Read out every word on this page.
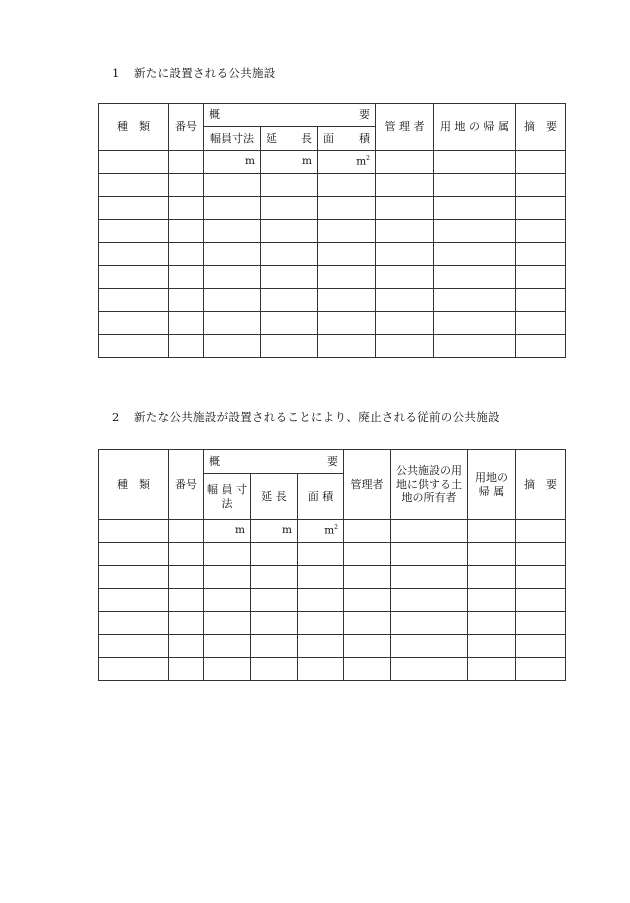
1 新たに設置される公共施設
種　類	番号	概 要			管 理 者	用 地 の 帰 属	摘　要
		幅員寸法	延 長	面 積			

		m	m	$m^2$			

2 新たな公共施設が設置されることにより、廃止される従前の公共施設
種　類	番号	概 要			管理者	公共施設の用地に供する土地の所有者	用地の 帰 属	摘　要

		幅 員 寸 法	延 長	面 積				
		m	m	$m^2$				
